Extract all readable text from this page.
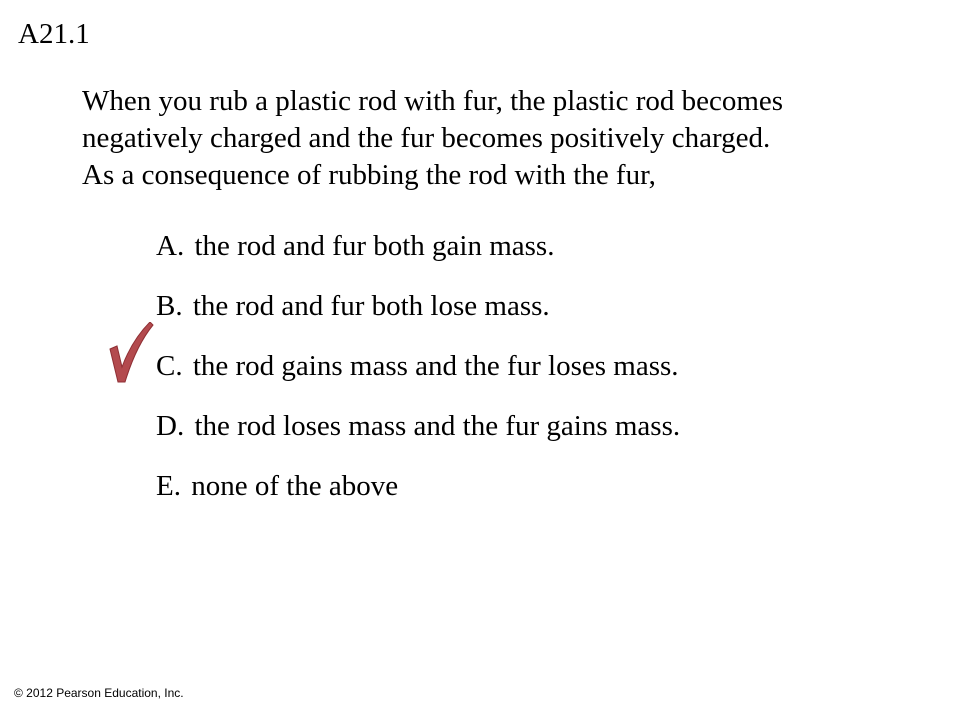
A21.1
When you rub a plastic rod with fur, the plastic rod becomes
negatively charged and the fur becomes positively charged.
As a consequence of rubbing the rod with the fur,
A. the rod and fur both gain mass.
B. the rod and fur both lose mass.
C. the rod gains mass and the fur loses mass.
D. the rod loses mass and the fur gains mass.
E. none of the above
© 2012 Pearson Education, Inc.
